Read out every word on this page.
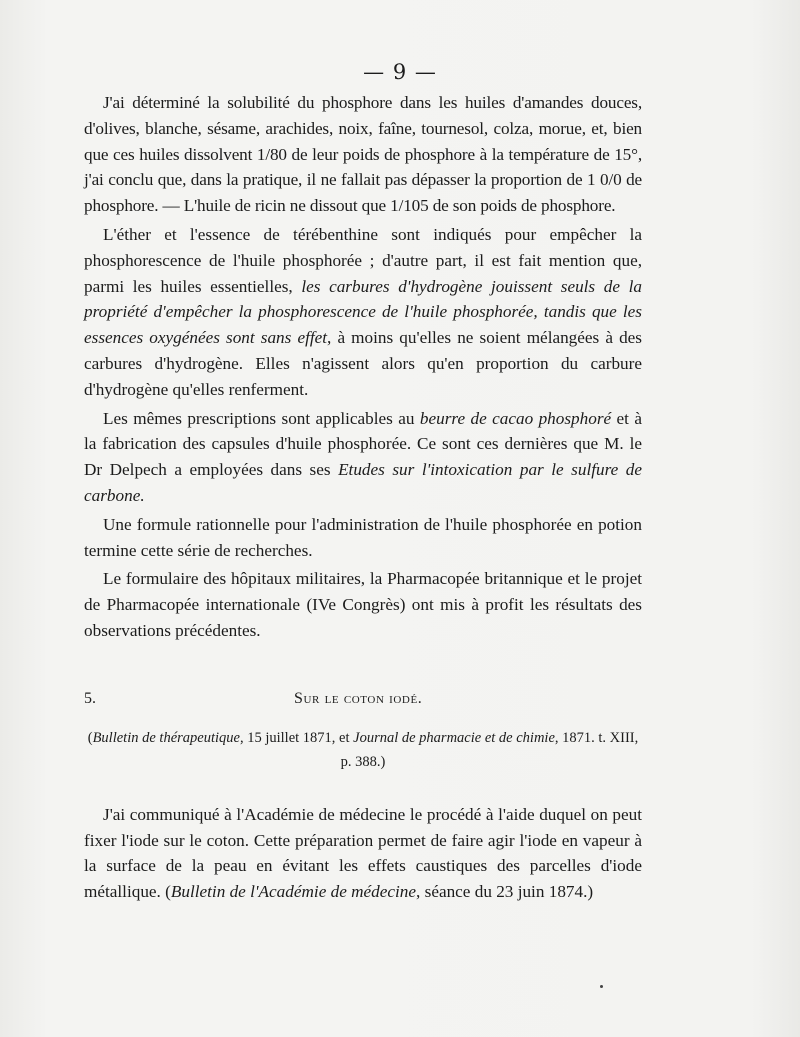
— 9 —

J'ai déterminé la solubilité du phosphore dans les huiles d'amandes douces, d'olives, blanche, sésame, arachides, noix, faîne, tournesol, colza, morue, et, bien que ces huiles dissolvent 1/80 de leur poids de phosphore à la température de 15°, j'ai conclu que, dans la pratique, il ne fallait pas dépasser la proportion de 1 0/0 de phosphore. — L'huile de ricin ne dissout que 1/105 de son poids de phosphore.

L'éther et l'essence de térébenthine sont indiqués pour empêcher la phosphorescence de l'huile phosphorée ; d'autre part, il est fait mention que, parmi les huiles essentielles, les carbures d'hydrogène jouissent seuls de la propriété d'empêcher la phosphorescence de l'huile phosphorée, tandis que les essences oxygénées sont sans effet, à moins qu'elles ne soient mélangées à des carbures d'hydrogène. Elles n'agissent alors qu'en proportion du carbure d'hydrogène qu'elles renferment.

Les mêmes prescriptions sont applicables au beurre de cacao phosphoré et à la fabrication des capsules d'huile phosphorée. Ce sont ces dernières que M. le Dr Delpech a employées dans ses Etudes sur l'intoxication par le sulfure de carbone.

Une formule rationnelle pour l'administration de l'huile phosphorée en potion termine cette série de recherches.

Le formulaire des hôpitaux militaires, la Pharmacopée britannique et le projet de Pharmacopée internationale (IVe Congrès) ont mis à profit les résultats des observations précédentes.

5.	Sur le coton iodé.
(Bulletin de thérapeutique, 15 juillet 1871, et Journal de pharmacie et de chimie, 1871. t. XIII, p. 388.)

J'ai communiqué à l'Académie de médecine le procédé à l'aide duquel on peut fixer l'iode sur le coton. Cette préparation permet de faire agir l'iode en vapeur à la surface de la peau en évitant les effets caustiques des parcelles d'iode métallique. (Bulletin de l'Académie de médecine, séance du 23 juin 1874.)
